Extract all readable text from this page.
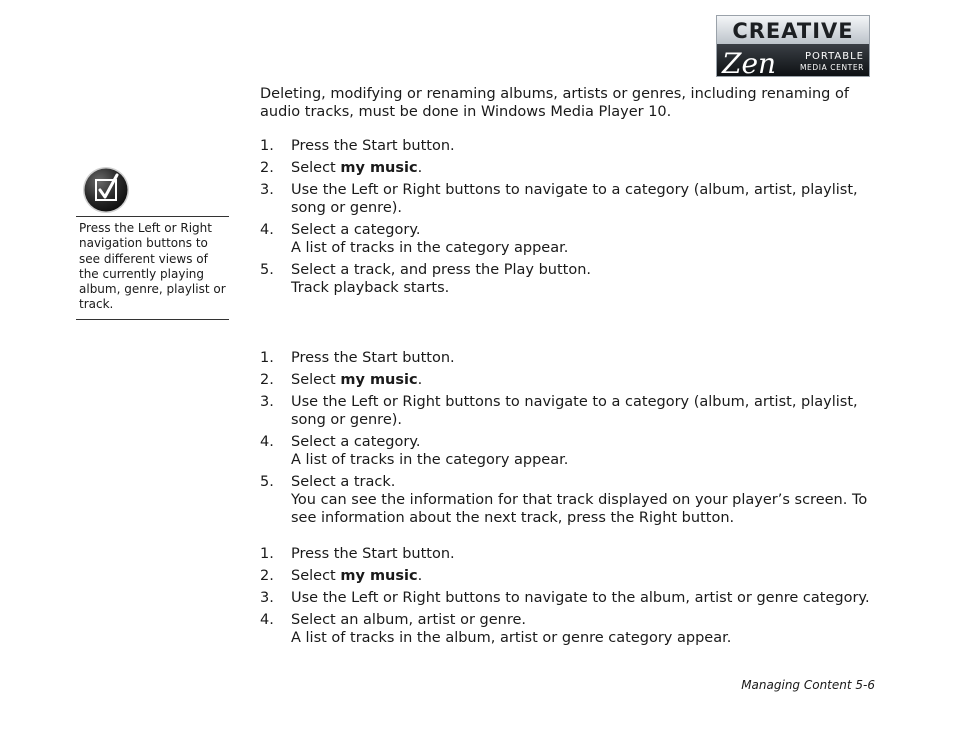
CREATIVE
Zen	PORTABLE
MEDIA CENTER
Deleting, modifying or renaming albums, artists or genres, including renaming of audio tracks, must be done in Windows Media Player 10.
Press the Left or Right navigation buttons to see different views of the currently playing album, genre, playlist or track.
1. Press the Start button.
2. Select my music.
3. Use the Left or Right buttons to navigate to a category (album, artist, playlist, song or genre).
4. Select a category.
A list of tracks in the category appear.
5. Select a track, and press the Play button.
Track playback starts.
1. Press the Start button.
2. Select my music.
3. Use the Left or Right buttons to navigate to a category (album, artist, playlist, song or genre).
4. Select a category.
A list of tracks in the category appear.
5. Select a track.
You can see the information for that track displayed on your player’s screen. To see information about the next track, press the Right button.
1. Press the Start button.
2. Select my music.
3. Use the Left or Right buttons to navigate to the album, artist or genre category.
4. Select an album, artist or genre.
A list of tracks in the album, artist or genre category appear.
Managing Content 5-6
